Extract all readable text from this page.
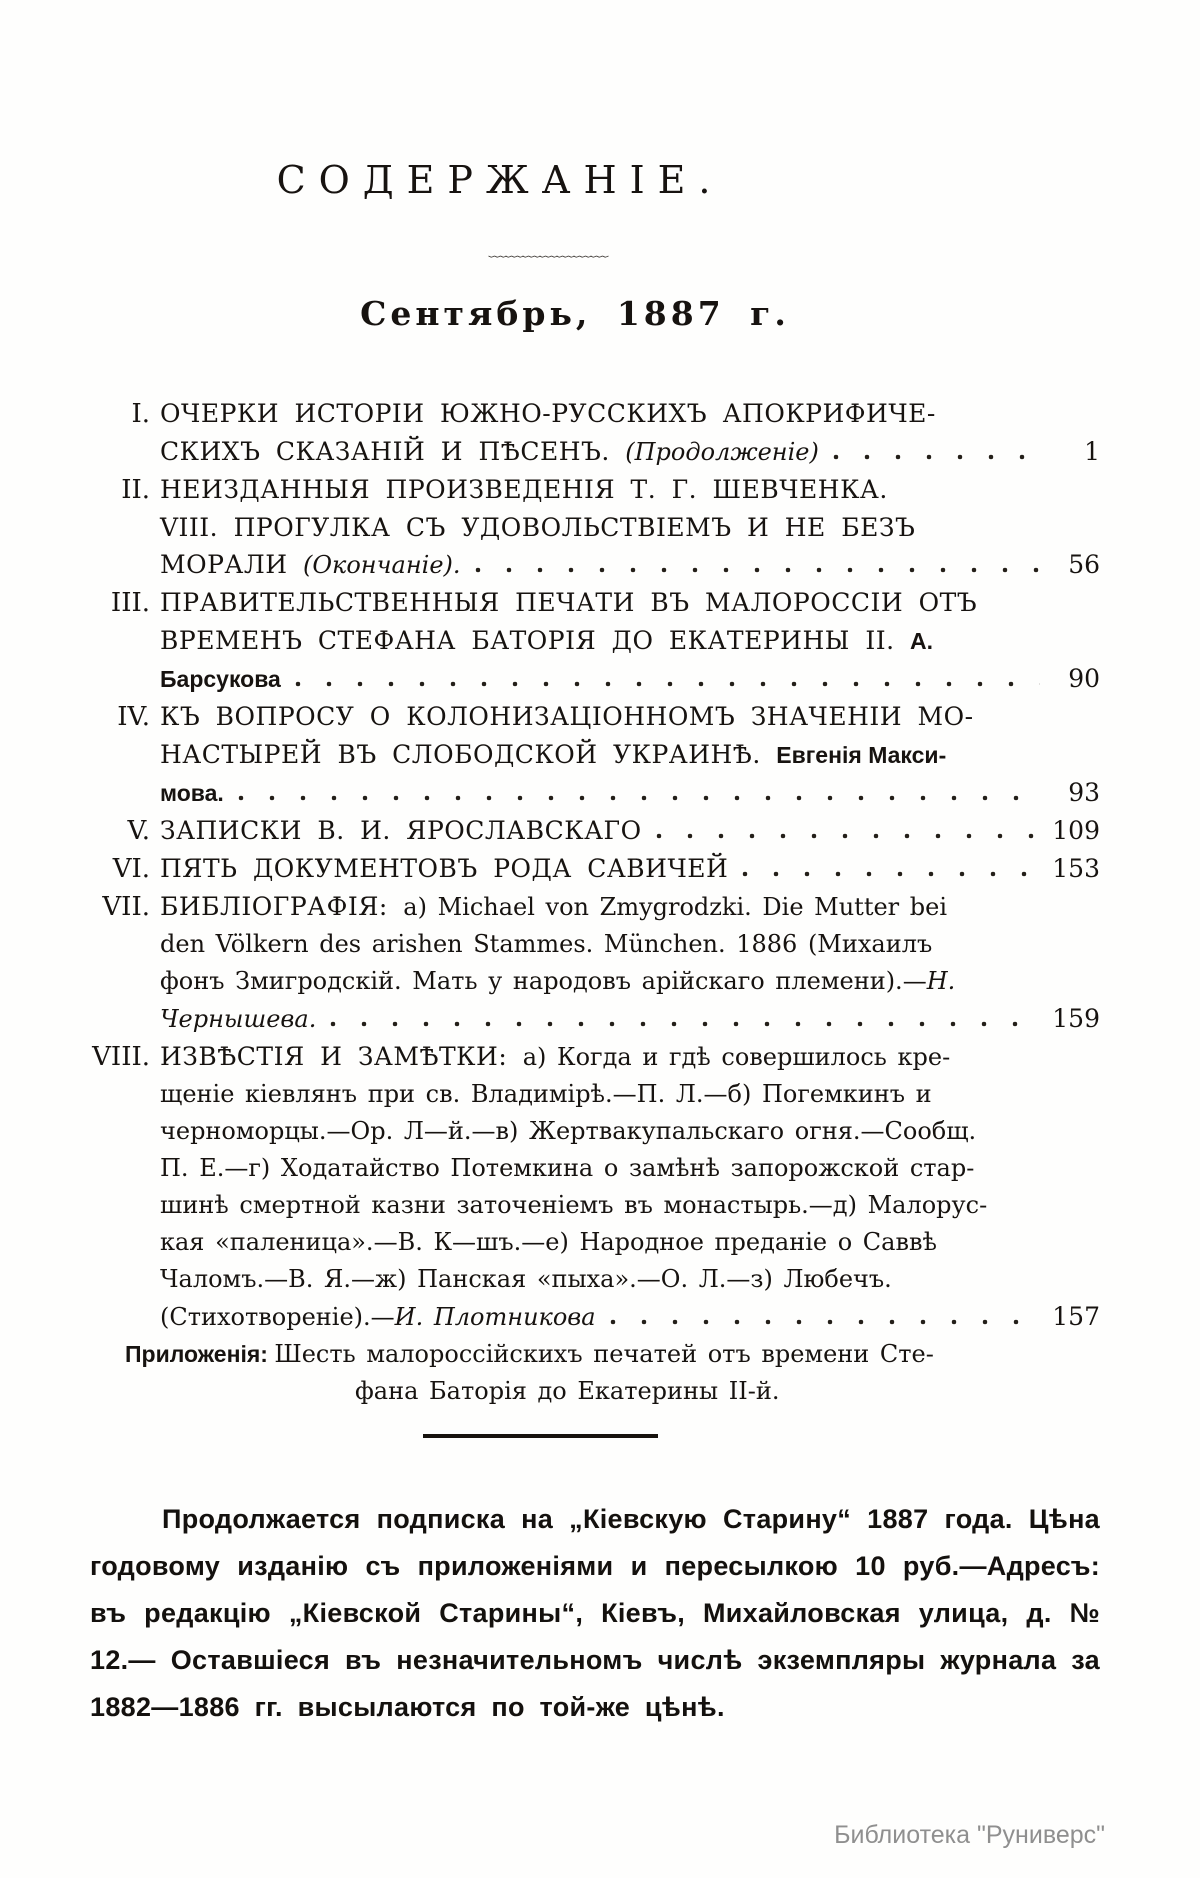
СОДЕРЖАНІЕ.
﹏﹏﹏﹏﹏﹏﹏
Сентябрь, 1887 г.
I. ОЧЕРКИ ИСТОРІИ ЮЖНО-РУССКИХЪ АПОКРИФИЧЕ-
СКИХЪ СКАЗАНІЙ И ПѢСЕНЪ. (Продолженіе)	1
II. НЕИЗДАННЫЯ ПРОИЗВЕДЕНІЯ Т. Г. ШЕВЧЕНКА.
VIII. ПРОГУЛКА СЪ УДОВОЛЬСТВІЕМЪ И НЕ БЕЗЪ
МОРАЛИ (Окончаніе).	56
III. ПРАВИТЕЛЬСТВЕННЫЯ ПЕЧАТИ ВЪ МАЛОРОССІИ ОТЪ
ВРЕМЕНЪ СТЕФАНА БАТОРІЯ ДО ЕКАТЕРИНЫ II. А.
Барсукова	90
IV. КЪ ВОПРОСУ О КОЛОНИЗАЦІОННОМЪ ЗНАЧЕНІИ МО-
НАСТЫРЕЙ ВЪ СЛОБОДСКОЙ УКРАИНѢ. Евгенія Макси-
мова.	93
V. ЗАПИСКИ В. И. ЯРОСЛАВСКАГО	109
VI. ПЯТЬ ДОКУМЕНТОВЪ РОДА САВИЧЕЙ	153
VII. БИБЛІОГРАФІЯ: а) Michael von Zmygrodzki. Die Mutter bei
den Völkern des arishen Stammes. München. 1886 (Михаилъ
фонъ Змигродскій. Мать у народовъ арійскаго племени).— Н.
Чернышева.	159
VIII. ИЗВѢСТІЯ И ЗАМѢТКИ: а) Когда и гдѣ совершилось кре-
щеніе кіевлянъ при св. Владимірѣ.—П. Л.—б) Погемкинъ и
черноморцы.—Ор. Л—й.—в) Жертвакупальскаго огня.—Сообщ.
П. Е.—г) Ходатайство Потемкина о замѣнѣ запорожской стар-
шинѣ смертной казни заточеніемъ въ монастырь.—д) Малорус-
кая «паленица».—В. К—шъ.—е) Народное преданіе о Саввѣ
Чаломъ.—В. Я.—ж) Панская «пыха».—О. Л.—з) Любечъ.
(Стихотвореніе).— И. Плотникова	157
Приложенія: Шесть малороссійскихъ печатей отъ времени Сте-
фана Баторія до Екатерины II-й.

Продолжается подписка на „Кіевскую Старину“ 1887 года. Цѣна годовому изданію съ приложеніями и пересылкою 10 руб.—Адресъ: въ редакцію „Кіевской Старины“, Кіевъ, Михайловская улица, д. № 12.— Оставшіеся въ незначительномъ числѣ экземпляры журнала за 1882—1886 гг. высылаются по той-же цѣнѣ.

Библиотека "Руниверс"
